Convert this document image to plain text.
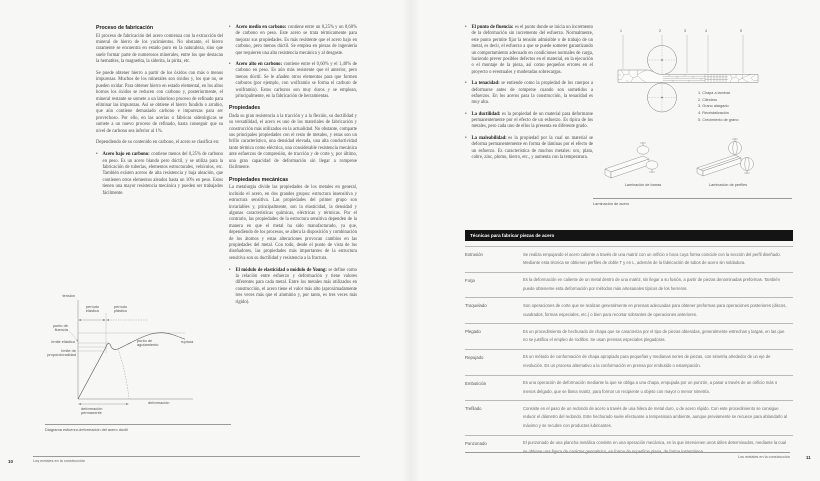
Proceso de fabricación

El proceso de fabricación del acero comienza con la extracción del mineral de hierro de los yacimientos. No obstante, el hierro raramente se encuentra en estado puro en la naturaleza, sino que suele formar parte de numerosos minerales, entre los que destacan la hematites, la magnetita, la siderita, la pirita, etc.

Se puede obtener hierro a partir de los óxidos con más o menos impurezas. Muchos de los minerales son óxidos y, los que no, se pueden oxidar. Para obtener hierro en estado elemental, en los altos hornos los óxidos se reducen con carbono y, posteriormente, el mineral restante se somete a un laborioso proceso de refinado para eliminar las impurezas. Así se obtiene el hierro fundido o arrabio, que aún contiene demasiado carbono e impurezas para ser provechoso. Por ello, en las acerías o fábricas siderúrgicas se somete a un nuevo proceso de refinado, hasta conseguir que su nivel de carbono sea inferior al 1%.

Dependiendo de su contenido en carbono, el acero se clasifica en:

• Acero bajo en carbono: contiene menos del 0,25% de carbono en peso. Es un acero blando pero dúctil, y se utiliza para la fabricación de tuberías, elementos estructurales, vehículos, etc. También existen aceros de alta resistencia y baja aleación, que contienen otros elementos aleados hasta un 10% en peso. Estos tienen una mayor resistencia mecánica y pueden ser trabajados fácilmente.
• Acero medio en carbono: contiene entre un 0,25% y un 0,60% de carbono en peso. Este acero se trata térmicamente para mejorar sus propiedades. Es más resistente que el acero bajo en carbono, pero menos dúctil. Se emplea en piezas de ingeniería que requieren una alta resistencia mecánica y al desgaste.
• Acero alto en carbono: contiene entre el 0,60% y el 1,40% de carbono en peso. Es aún más resistente que el anterior, pero menos dúctil. Se le añaden otros elementos para que formen carburos (por ejemplo, con wolframio se forma el carburo de wolframio). Estos carburos son muy duros y se emplean, principalmente, en la fabricación de herramientas.
Propiedades

Dada su gran resistencia a la tracción y a la flexión, su ductilidad y su versatilidad, el acero es uno de los materiales de fabricación y construcción más utilizados en la actualidad. No obstante, comparte sus principales propiedades con el resto de metales, y estas son un brillo característico, una densidad elevada, una alta conductividad tanto térmica como eléctrica, una considerable resistencia mecánica ante esfuerzos de compresión, de tracción y de corte y, por último, una gran capacidad de deformación sin llegar a romperse fácilmente.

Propiedades mecánicas

La metalurgia divide las propiedades de los metales en general, incluido el acero, en dos grandes grupos: estructura insensitiva y estructura sensitiva. Las propiedades del primer grupo son invariables y, principalmente, son la elasticidad, la densidad y algunas características químicas, eléctricas y térmicas. Por el contrario, las propiedades de la estructura sensitiva dependen de la manera en que el metal ha sido manufacturado, ya que, dependiendo de los procesos, se altera la disposición y combinación de los átomos y estas alteraciones provocan cambios en las propiedades del metal. Con todo, desde el punto de vista de los diseñadores, las propiedades más importantes de la estructura sensitiva son su ductilidad y resistencia a la fractura.

• El módulo de elasticidad o módulo de Young: se define como la relación entre esfuerzo y deformación y tiene valores diferentes para cada metal. Entre los metales más utilizados en construcción, el acero tiene el valor más alto (aproximadamente tres veces más que el aluminio y, por tanto, es tres veces más rígido).
tensión
período elástico
período plástico
punto de fluencia
límite elástico
límite de proporcionalidad
punto de agotamiento
ruptura
deformación
deformación permanente
Diagrama esfuerzo-deformación del acero dúctil
10	Los metales en la construcción
• El punto de fluencia: es el punto donde se inicia un incremento de la deformación sin incremento del esfuerzo. Normalmente, este punto permite fijar la tensión admisible o de trabajo de un metal, es decir, el esfuerzo a que se puede someter garantizando un comportamiento adecuado en condiciones normales de carga, haciendo prever posibles defectos en el material, en la ejecución o el montaje de la pieza, así como pequeños errores en el proyecto o eventuales y moderadas sobrecargas.
• La tenacidad: se entiende como la propiedad de los cuerpos a deformarse antes de romperse cuando son sometidos a esfuerzos. En los aceros para la construcción, la tenacidad es muy alta.
• La ductilidad: es la propiedad de un material para deformarse permanentemente por el efecto de un esfuerzo. Es típica de los metales, pero cada uno de ellos la presenta en diferente grado.
• La maleabilidad: es la propiedad por la cual un material se deforma permanentemente en forma de láminas por el efecto de un esfuerzo. Es característica de muchos metales: oro, plata, cobre, zinc, plomo, hierro, etc., y aumenta con la temperatura.
1	2	3	4	5
1. Chapa a laminar
2. Cilindros
3. Grano alargado
4. Recristalización
5. Crecimiento de grano
Laminación de barras	Laminación de perfiles
Laminación de acero
Técnicas para fabricar piezas de acero
Extrusión	Se realiza empujando el acero caliente a través de una matriz con un orificio o boca cuya forma coincide con la sección del perfil diseñado. Mediante esta técnica se obtienen perfiles de doble T y en L, además de la fabricación de tubos de acero sin soldadura.
Forja	Es la deformación en caliente de un metal dentro de una matriz, sin llegar a su fusión, a partir de piezas denominadas preformas. También puede obtenerse esta deformación por métodos más artesanales típicos de los herreros.
Troquelado	Son operaciones de corte que se realizan generalmente en prensas adecuadas para obtener preformas para operaciones posteriores (discos, cuadrados, formas especiales, etc.) o bien para recortar sobrantes de operaciones anteriores.
Plegado	Es un procedimiento de hechurado de chapa que se caracteriza por el tipo de piezas obtenidas, generalmente estrechas y largas, en las que no se justifica el empleo de rodillos. Se usan prensas especiales plegadoras.
Repujado	Es un método de conformación de chapa apropiado para pequeñas y medianas series de piezas, con simetría alrededor de un eje de revolución. Es un proceso alternativo a la conformación en prensa por embutido o estampación.
Embutición	Es una operación de deformación mediante la que se obliga a una chapa, empujada por un punzón, a pasar a través de un orificio más o menos delgado, que se llama matriz, para formar un recipiente u objeto con mayor o menor simetría.
Trefilado	Consiste en el paso de un redondo de acero a través de una hilera de metal duro, o de acero rápido. Con este procedimiento se consigue reducir el diámetro del redondo. Este hechurado suele efectuarse a temperatura ambiente, aunque previamente se recuece para ablandarlo al máximo y se recubre con productos lubricantes.
Punzonado	El punzonado de una plancha metálica consiste en una operación mecánica, en la que intervienen unos útiles determinados, mediante la cual se obtiene una figura de carácter geométrico, en forma de superficie plana, de forma instantánea.
Los metales en la construcción	11
